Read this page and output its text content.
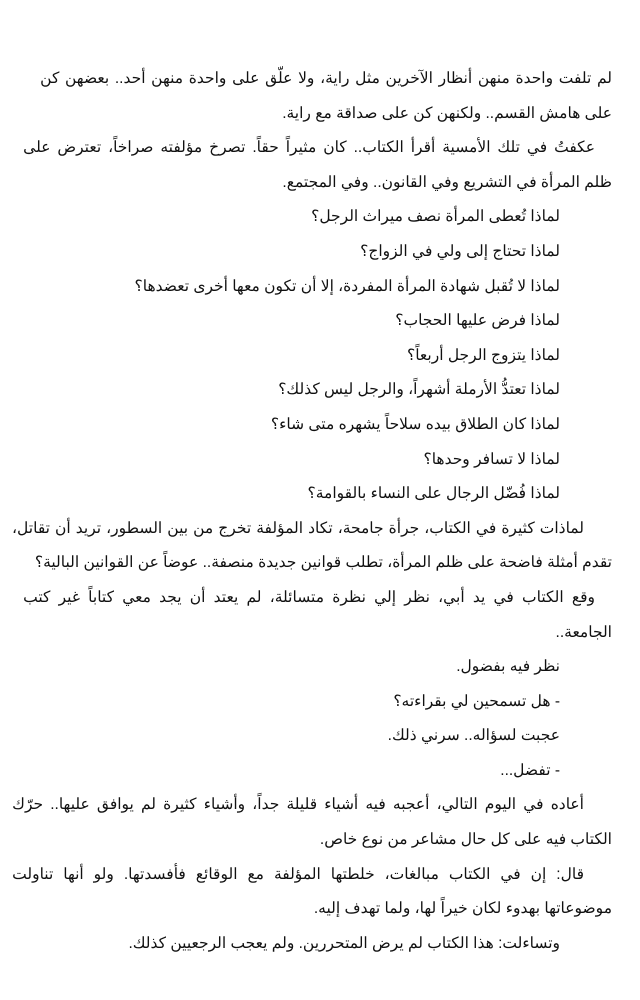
لم
تلفت
واحدة
منهن
أنظار
الآخرين
مثل
راية،
ولا
علّق
على
واحدة
منهن
أحد..
بعضهن
كن
على هامش القسم.. ولكنهن كن على صداقة مع راية.
عكفتُ
في
تلك
الأمسية
أقرأ
الكتاب..
كان
مثيراً
حقاً.
تصرخ
مؤلفته
صراخاً،
تعترض
على
ظلم المرأة في التشريع وفي القانون.. وفي المجتمع.
لماذا تُعطى المرأة نصف ميراث الرجل؟
لماذا تحتاج إلى ولي في الزواج؟
لماذا لا تُقبل شهادة المرأة المفردة، إلا أن تكون معها أخرى تعضدها؟
لماذا فرض عليها الحجاب؟
لماذا يتزوج الرجل أربعاً؟
لماذا تعتدُّ الأرملة أشهراً، والرجل ليس كذلك؟
لماذا كان الطلاق بيده سلاحاً يشهره متى شاء؟
لماذا لا تسافر وحدها؟
لماذا فُضّل الرجال على النساء بالقوامة؟
لماذات
كثيرة
في
الكتاب،
جرأة
جامحة،
تكاد
المؤلفة
تخرج
من
بين
السطور،
تريد
أن
تقاتل،
تقدم أمثلة فاضحة على ظلم المرأة، تطلب قوانين جديدة منصفة.. عوضاً عن القوانين البالية؟
وقع
الكتاب
في
يد
أبي،
نظر
إلي
نظرة
متسائلة،
لم
يعتد
أن
يجد
معي
كتاباً
غير
كتب
الجامعة..
نظر فيه بفضول.
- هل تسمحين لي بقراءته؟
عجبت لسؤاله.. سرني ذلك.
- تفضل...
أعاده
في
اليوم
التالي،
أعجبه
فيه
أشياء
قليلة
جداً،
وأشياء
كثيرة
لم
يوافق
عليها..
حرّك
الكتاب فيه على كل حال مشاعر من نوع خاص.
قال:
إن
في
الكتاب
مبالغات،
خلطتها
المؤلفة
مع
الوقائع
فأفسدتها.
ولو
أنها
تناولت
موضوعاتها بهدوء لكان خيراً لها، ولما تهدف إليه.
وتساءلت: هذا الكتاب لم يرض المتحررين. ولم يعجب الرجعيين كذلك.
